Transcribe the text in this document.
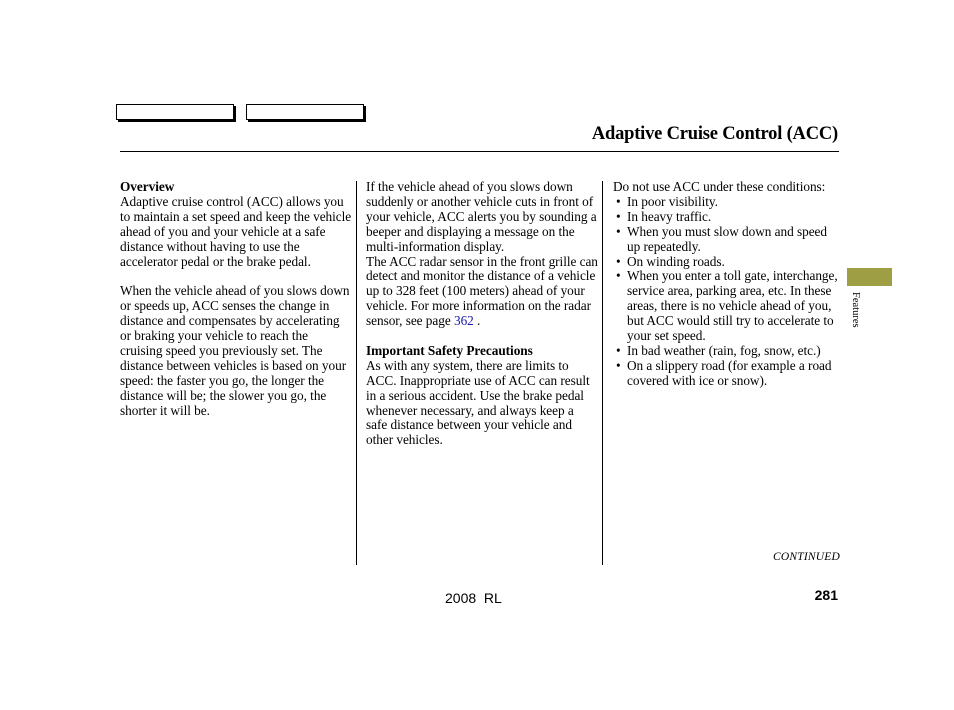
Adaptive Cruise Control (ACC)

Overview

Adaptive cruise control (ACC) allows you to maintain a set speed and keep the vehicle ahead of you and your vehicle at a safe distance without having to use the accelerator pedal or the brake pedal.

When the vehicle ahead of you slows down or speeds up, ACC senses the change in distance and compensates by accelerating or braking your vehicle to reach the cruising speed you previously set. The distance between vehicles is based on your speed: the faster you go, the longer the distance will be; the slower you go, the shorter it will be.

If the vehicle ahead of you slows down suddenly or another vehicle cuts in front of your vehicle, ACC alerts you by sounding a beeper and displaying a message on the multi-information display.

The ACC radar sensor in the front grille can detect and monitor the distance of a vehicle up to 328 feet (100 meters) ahead of your vehicle. For more information on the radar sensor, see page 362 .

Important Safety Precautions

As with any system, there are limits to ACC. Inappropriate use of ACC can result in a serious accident. Use the brake pedal whenever necessary, and always keep a safe distance between your vehicle and other vehicles.

Do not use ACC under these conditions:

• In poor visibility.
• In heavy traffic.
• When you must slow down and speed up repeatedly.
• On winding roads.
• When you enter a toll gate, interchange, service area, parking area, etc. In these areas, there is no vehicle ahead of you, but ACC would still try to accelerate to your set speed.
• In bad weather (rain, fog, snow, etc.)
• On a slippery road (for example a road covered with ice or snow).
Features
CONTINUED
2008  RL	281
